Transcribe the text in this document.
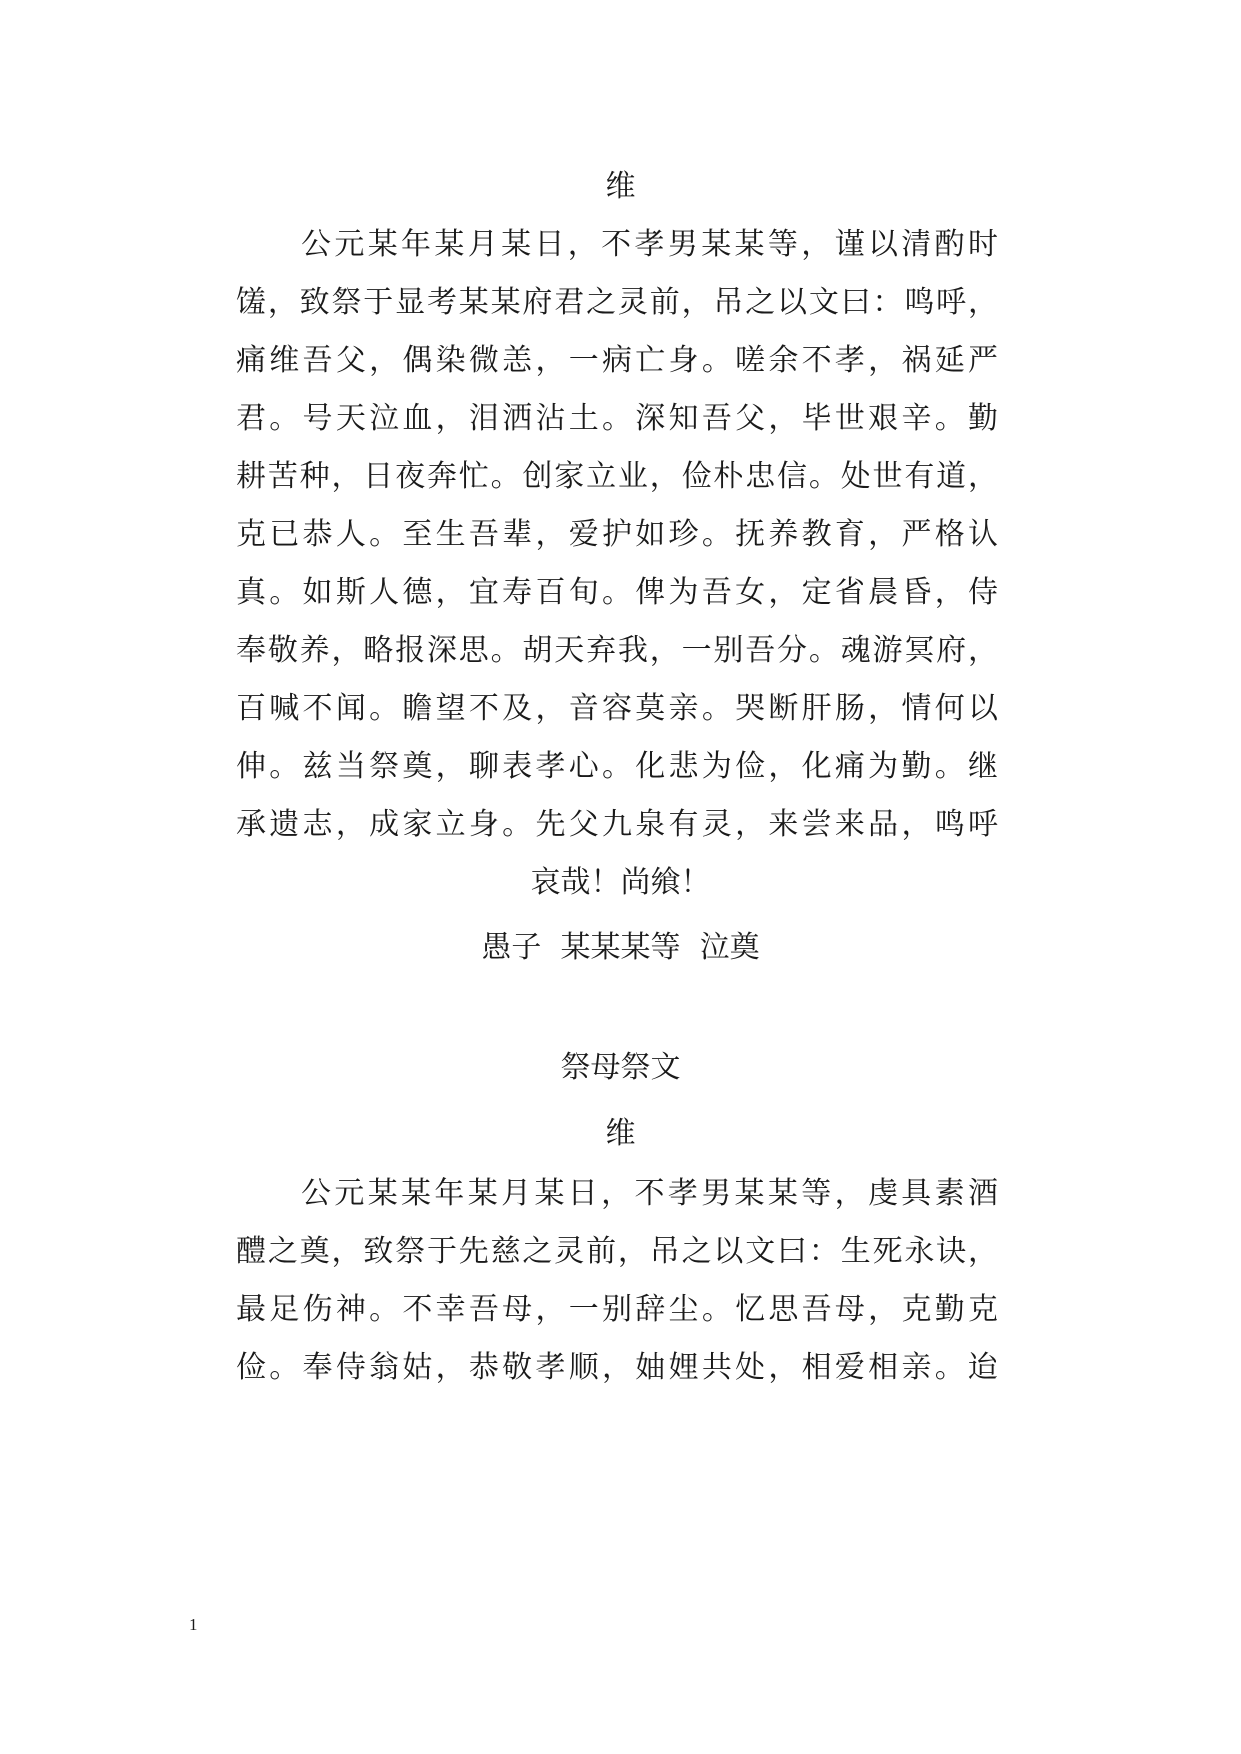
维
公元某年某月某日，不孝男某某等，谨以清酌时
馐，致祭于显考某某府君之灵前，吊之以文曰：鸣呼，
痛维吾父，偶染微恙，一病亡身。嗟余不孝，祸延严
君。号天泣血，泪洒沾土。深知吾父，毕世艰辛。勤
耕苦种，日夜奔忙。创家立业，俭朴忠信。处世有道，
克已恭人。至生吾辈，爱护如珍。抚养教育，严格认
真。如斯人德，宜寿百旬。俾为吾女，定省晨昏，侍
奉敬养，略报深思。胡天弃我，一别吾分。魂游冥府，
百喊不闻。瞻望不及，音容莫亲。哭断肝肠，情何以
伸。兹当祭奠，聊表孝心。化悲为俭，化痛为勤。继
承遗志，成家立身。先父九泉有灵，来尝来品，鸣呼
哀哉！尚飨！
愚子  某某某等  泣奠
祭母祭文
维
公元某某年某月某日，不孝男某某等，虔具素酒
醴之奠，致祭于先慈之灵前，吊之以文曰：生死永诀，
最足伤神。不幸吾母，一别辞尘。忆思吾母，克勤克
俭。奉侍翁姑，恭敬孝顺，妯娌共处，相爱相亲。迨
1
